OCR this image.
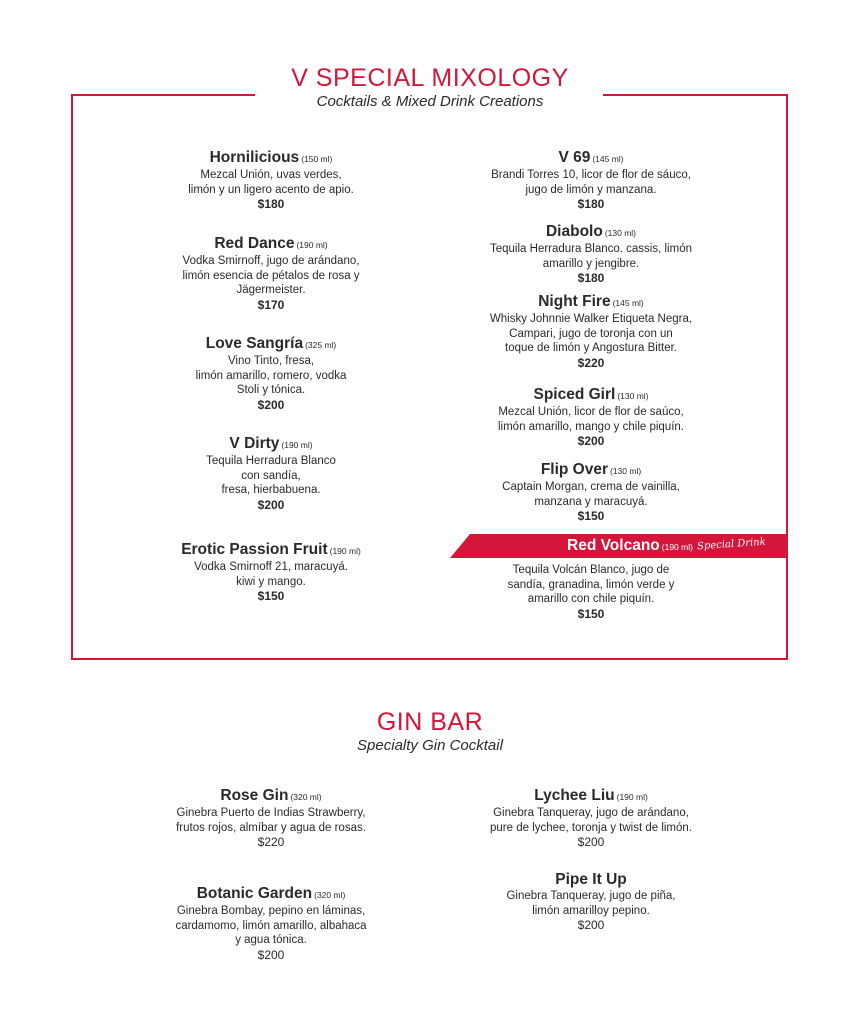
V SPECIAL MIXOLOGY
Cocktails & Mixed Drink Creations
Hornilicious (150 ml)
Mezcal Unión, uvas verdes,
limón y un ligero acento de apio.
$180
Red Dance (190 ml)
Vodka Smirnoff, jugo de arándano,
limón esencia de pétalos de rosa y
Jägermeister.
$170
Love Sangría (325 ml)
Vino Tinto, fresa,
limón amarillo, romero, vodka
Stoli y tónica.
$200
V Dirty (190 ml)
Tequila Herradura Blanco
con sandía,
fresa, hierbabuena.
$200
Erotic Passion Fruit (190 ml)
Vodka Smirnoff 21, maracuyá.
kiwi y mango.
$150
V 69 (145 ml)
Brandi Torres 10, licor de flor de sáuco,
jugo de limón y manzana.
$180
Diabolo (130 ml)
Tequila Herradura Blanco. cassis, limón
amarillo y jengibre.
$180
Night Fire (145 ml)
Whisky Johnnie Walker Etiqueta Negra,
Campari, jugo de toronja con un
toque de limón y Angostura Bitter.
$220
Spiced Girl (130 ml)
Mezcal Unión, licor de flor de saúco,
limón amarillo, mango y chile piquín.
$200
Flip Over (130 ml)
Captain Morgan, crema de vainilla,
manzana y maracuyá.
$150
Red Volcano (190 ml) Special Drink
Tequila Volcán Blanco, jugo de
sandía, granadina, limón verde y
amarillo con chile piquín.
$150
GIN BAR
Specialty Gin Cocktail
Rose Gin (320 ml)
Ginebra Puerto de Indias Strawberry,
frutos rojos, almíbar y agua de rosas.
$220
Botanic Garden (320 ml)
Ginebra Bombay, pepino en láminas,
cardamomo, limón amarillo, albahaca
y agua tónica.
$200
Lychee Liu (190 ml)
Ginebra Tanqueray, jugo de arándano,
pure de lychee, toronja y twist de limón.
$200
Pipe It Up
Ginebra Tanqueray, jugo de piña,
limón amarilloy pepino.
$200
